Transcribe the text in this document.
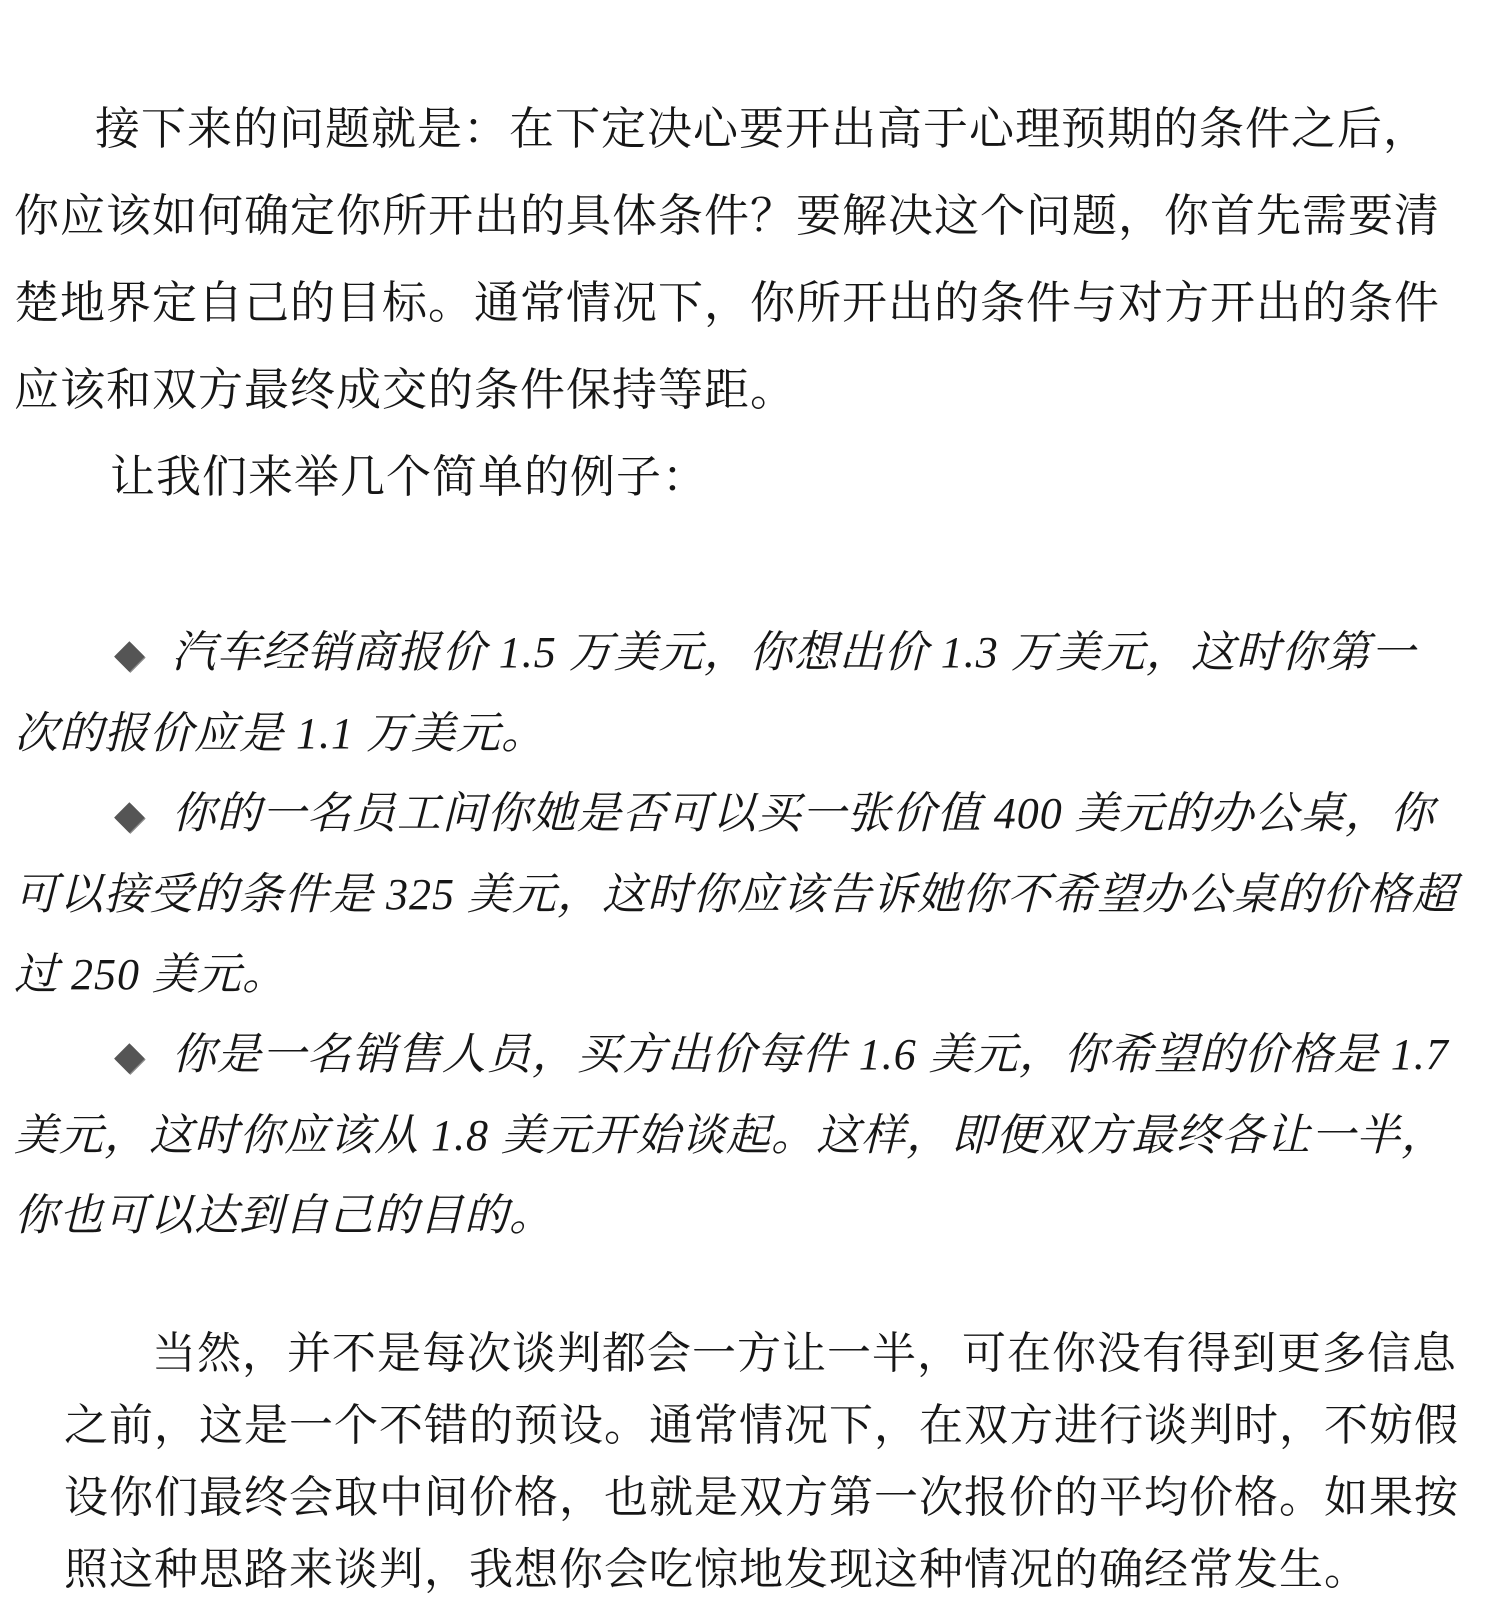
接下来的问题就是：在下定决心要开出高于心理预期的条件之后，
你应该如何确定你所开出的具体条件？要解决这个问题，你首先需要清
楚地界定自己的目标。通常情况下，你所开出的条件与对方开出的条件
应该和双方最终成交的条件保持等距。
让我们来举几个简单的例子：
◆ 汽车经销商报价 1.5 万美元，你想出价 1.3 万美元，这时你第一
次的报价应是 1.1 万美元。
◆ 你的一名员工问你她是否可以买一张价值 400 美元的办公桌，你
可以接受的条件是 325 美元，这时你应该告诉她你不希望办公桌的价格超
过 250 美元。
◆ 你是一名销售人员，买方出价每件 1.6 美元，你希望的价格是 1.7
美元，这时你应该从 1.8 美元开始谈起。这样，即便双方最终各让一半，
你也可以达到自己的目的。
当然，并不是每次谈判都会一方让一半，可在你没有得到更多信息
之前，这是一个不错的预设。通常情况下，在双方进行谈判时，不妨假
设你们最终会取中间价格，也就是双方第一次报价的平均价格。如果按
照这种思路来谈判，我想你会吃惊地发现这种情况的确经常发生。
